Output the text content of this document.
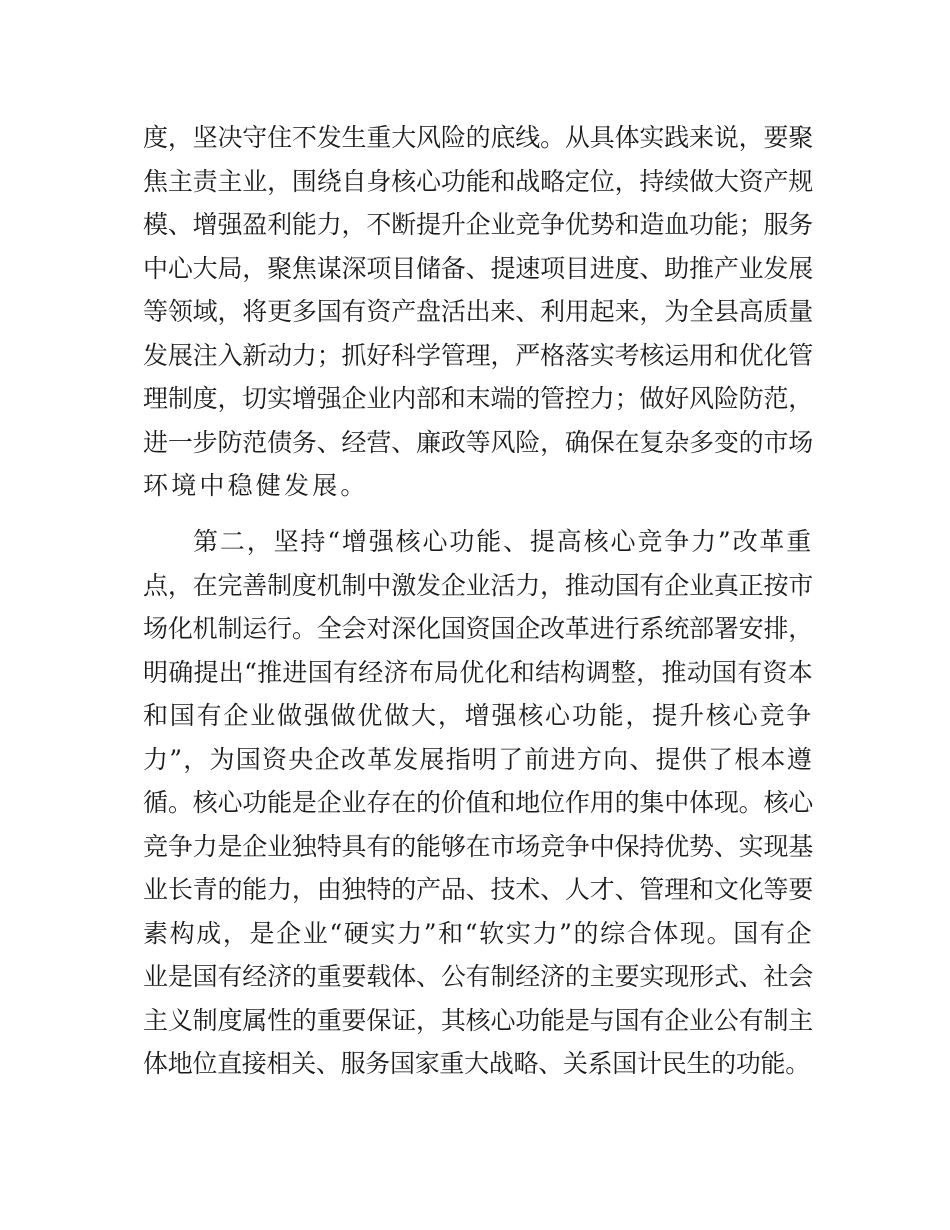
度，坚决守住不发生重大风险的底线。从具体实践来说，要聚
焦主责主业，围绕自身核心功能和战略定位，持续做大资产规
模、增强盈利能力，不断提升企业竞争优势和造血功能；服务
中心大局，聚焦谋深项目储备、提速项目进度、助推产业发展
等领域，将更多国有资产盘活出来、利用起来，为全县高质量
发展注入新动力；抓好科学管理，严格落实考核运用和优化管
理制度，切实增强企业内部和末端的管控力；做好风险防范，
进一步防范债务、经营、廉政等风险，确保在复杂多变的市场
环境中稳健发展。
第二，坚持“增强核心功能、提高核心竞争力”改革重
点，在完善制度机制中激发企业活力，推动国有企业真正按市
场化机制运行。全会对深化国资国企改革进行系统部署安排，
明确提出“推进国有经济布局优化和结构调整，推动国有资本
和国有企业做强做优做大，增强核心功能，提升核心竞争
力”，为国资央企改革发展指明了前进方向、提供了根本遵
循。核心功能是企业存在的价值和地位作用的集中体现。核心
竞争力是企业独特具有的能够在市场竞争中保持优势、实现基
业长青的能力，由独特的产品、技术、人才、管理和文化等要
素构成，是企业“硬实力”和“软实力”的综合体现。国有企
业是国有经济的重要载体、公有制经济的主要实现形式、社会
主义制度属性的重要保证，其核心功能是与国有企业公有制主
体地位直接相关、服务国家重大战略、关系国计民生的功能。
